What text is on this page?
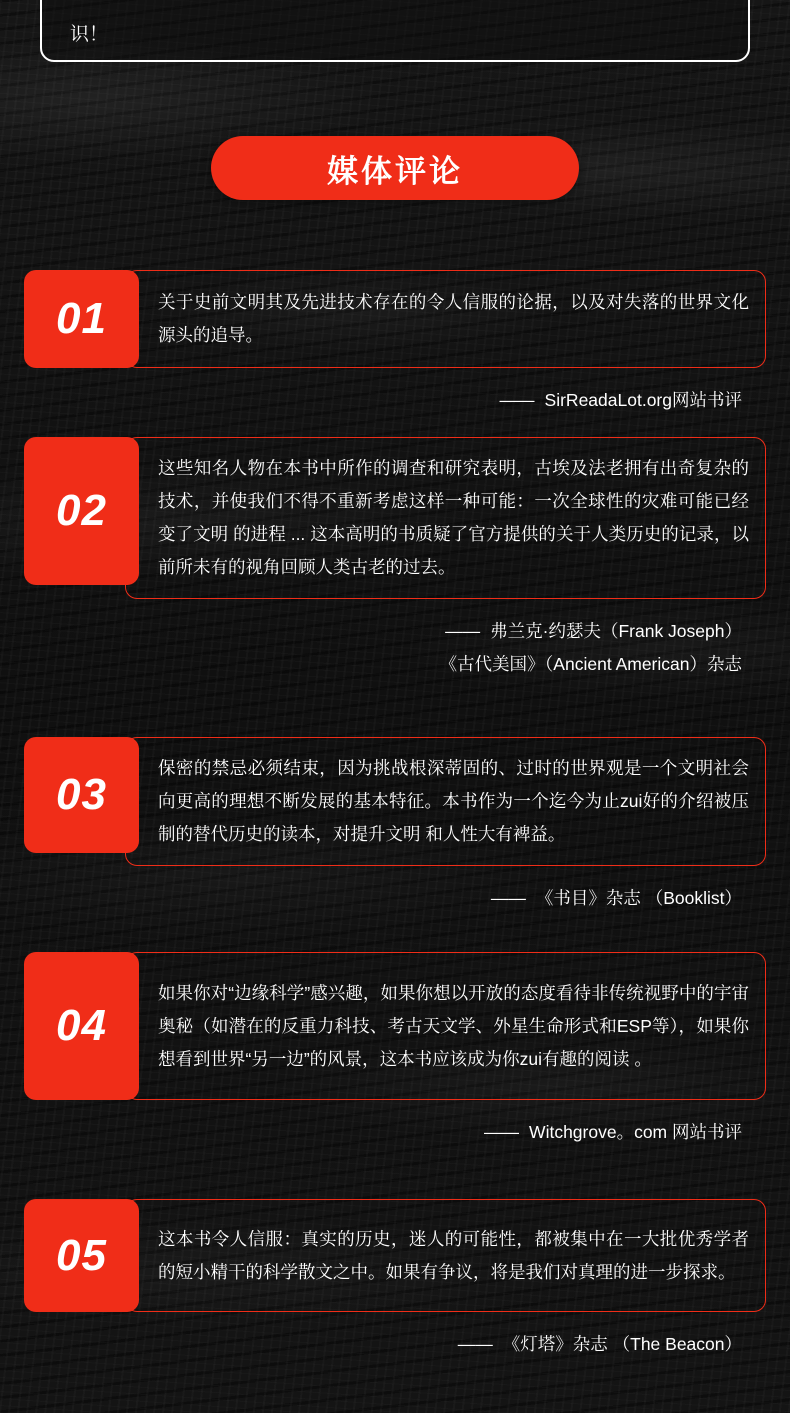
识！
媒体评论
01	关于史前文明其及先进技术存在的令人信服的论据，以及对失落的世界文化源头的追导。
—— SirReadaLot.org网站书评
02
这些知名人物在本书中所作的调查和研究表明，古埃及法老拥有出奇复杂的技术，并使我们不得不重新考虑这样一种可能：一次全球性的灾难可能已经变了文明 的进程 ... 这本高明的书质疑了官方提供的关于人类历史的记录，以前所未有的视角回顾人类古老的过去。
—— 弗兰克·约瑟夫（Frank Joseph）
《古代美国》（Ancient American）杂志
03
保密的禁忌必须结束，因为挑战根深蒂固的、过时的世界观是一个文明社会向更高的理想不断发展的基本特征。本书作为一个迄今为止zui好的介绍被压制的替代历史的读本，对提升文明 和人性大有裨益。
—— 《书目》杂志 （Booklist）
04
如果你对“边缘科学”感兴趣，如果你想以开放的态度看待非传统视野中的宇宙奥秘（如潜在的反重力科技、考古天文学、外星生命形式和ESP等），如果你想看到世界“另一边”的风景，这本书应该成为你zui有趣的阅读 。
—— Witchgrove。com 网站书评
05	这本书令人信服：真实的历史，迷人的可能性，都被集中在一大批优秀学者的短小精干的科学散文之中。如果有争议，将是我们对真理的进一步探求。
—— 《灯塔》杂志 （The Beacon）
